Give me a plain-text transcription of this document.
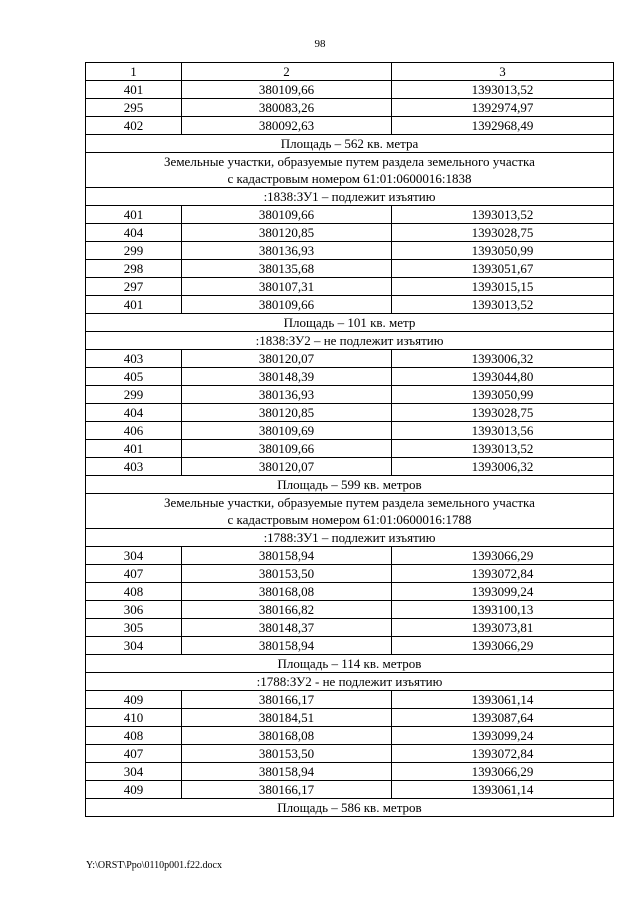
98
1	2	3
401	380109,66	1393013,52
295	380083,26	1392974,97
402	380092,63	1392968,49
Площадь – 562 кв. метра		

Земельные участки, образуемые путем раздела земельного участка
с кадастровым номером 61:01:0600016:1838		

:1838:ЗУ1 – подлежит изъятию		
401	380109,66	1393013,52
404	380120,85	1393028,75
299	380136,93	1393050,99
298	380135,68	1393051,67
297	380107,31	1393015,15
401	380109,66	1393013,52
Площадь – 101 кв. метр		
:1838:ЗУ2 – не подлежит изъятию		
403	380120,07	1393006,32
405	380148,39	1393044,80
299	380136,93	1393050,99
404	380120,85	1393028,75
406	380109,69	1393013,56
401	380109,66	1393013,52
403	380120,07	1393006,32
Площадь – 599 кв. метров		

Земельные участки, образуемые путем раздела земельного участка
с кадастровым номером 61:01:0600016:1788		

:1788:ЗУ1 – подлежит изъятию		
304	380158,94	1393066,29
407	380153,50	1393072,84
408	380168,08	1393099,24
306	380166,82	1393100,13
305	380148,37	1393073,81
304	380158,94	1393066,29
Площадь – 114 кв. метров		
:1788:ЗУ2 - не подлежит изъятию		
409	380166,17	1393061,14
410	380184,51	1393087,64
408	380168,08	1393099,24
407	380153,50	1393072,84
304	380158,94	1393066,29
409	380166,17	1393061,14
Площадь – 586 кв. метров		
Y:\ORST\Ppo\0110p001.f22.docx
